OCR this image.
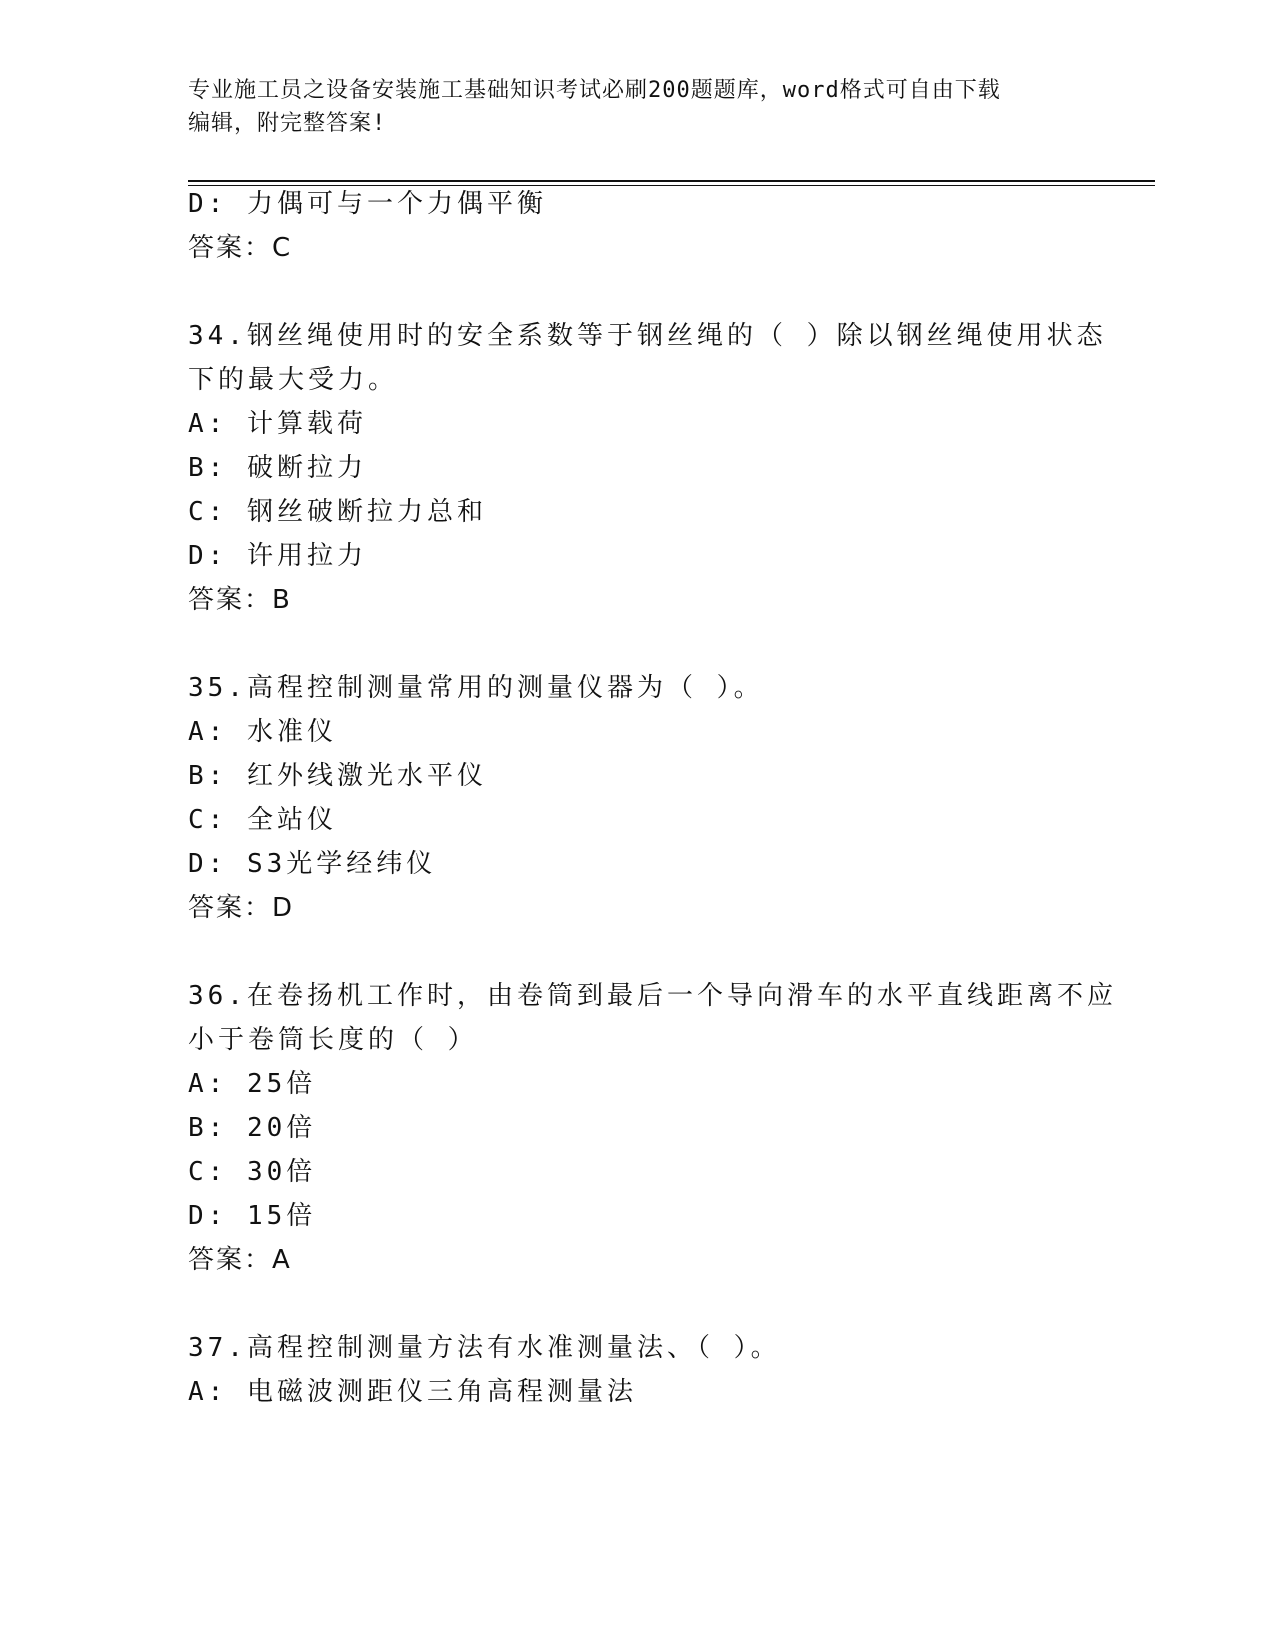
专业施工员之设备安装施工基础知识考试必刷200题题库，word格式可自由下载
编辑，附完整答案!
D: 力偶可与一个力偶平衡
答案：C
34.钢丝绳使用时的安全系数等于钢丝绳的（ ）除以钢丝绳使用状态
下的最大受力。
A: 计算载荷
B: 破断拉力
C: 钢丝破断拉力总和
D: 许用拉力
答案：B
35.高程控制测量常用的测量仪器为（ ）。
A: 水准仪
B: 红外线激光水平仪
C: 全站仪
D: S3光学经纬仪
答案：D
36.在卷扬机工作时，由卷筒到最后一个导向滑车的水平直线距离不应
小于卷筒长度的（ ）
A: 25倍
B: 20倍
C: 30倍
D: 15倍
答案：A
37.高程控制测量方法有水准测量法、（ ）。
A: 电磁波测距仪三角高程测量法
